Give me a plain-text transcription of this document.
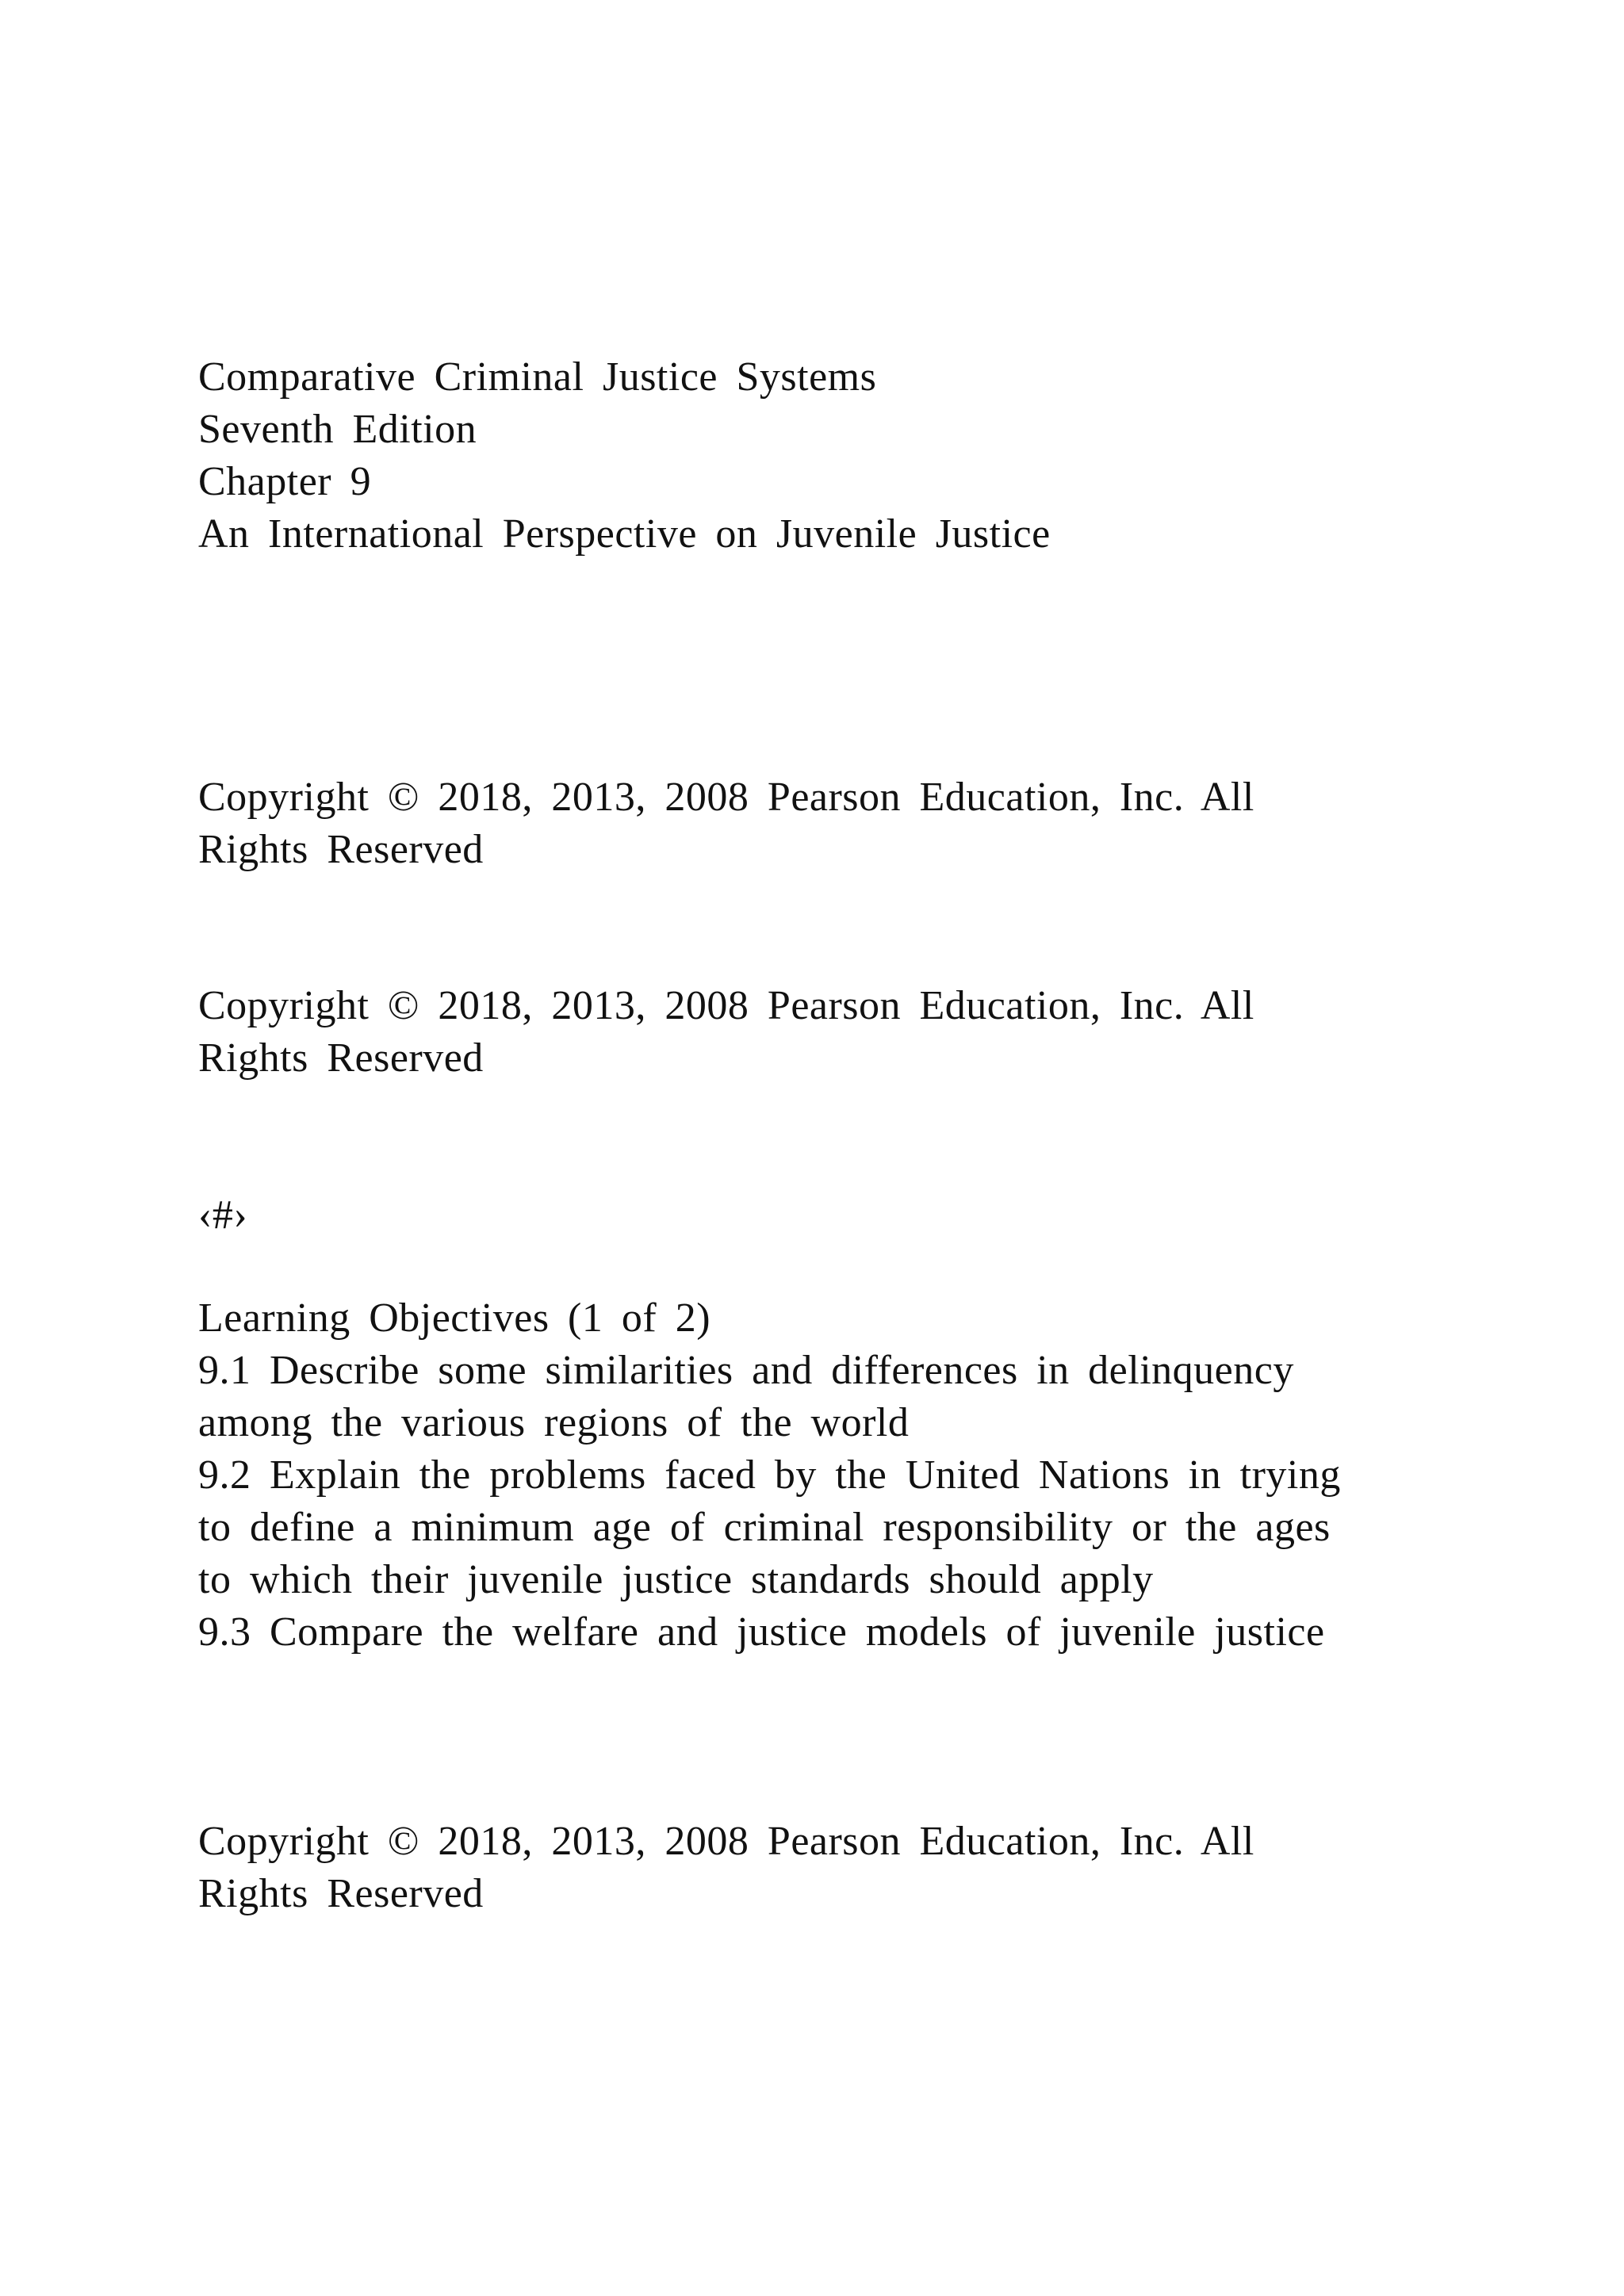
Comparative Criminal Justice Systems
Seventh Edition
Chapter 9
An International Perspective on Juvenile Justice
Copyright © 2018, 2013, 2008 Pearson Education, Inc. All
Rights Reserved
Copyright © 2018, 2013, 2008 Pearson Education, Inc. All
Rights Reserved
‹#›
Learning Objectives (1 of 2)
9.1 Describe some similarities and differences in delinquency
among the various regions of the world
9.2 Explain the problems faced by the United Nations in trying
to define a minimum age of criminal responsibility or the ages
to which their juvenile justice standards should apply
9.3 Compare the welfare and justice models of juvenile justice
Copyright © 2018, 2013, 2008 Pearson Education, Inc. All
Rights Reserved
